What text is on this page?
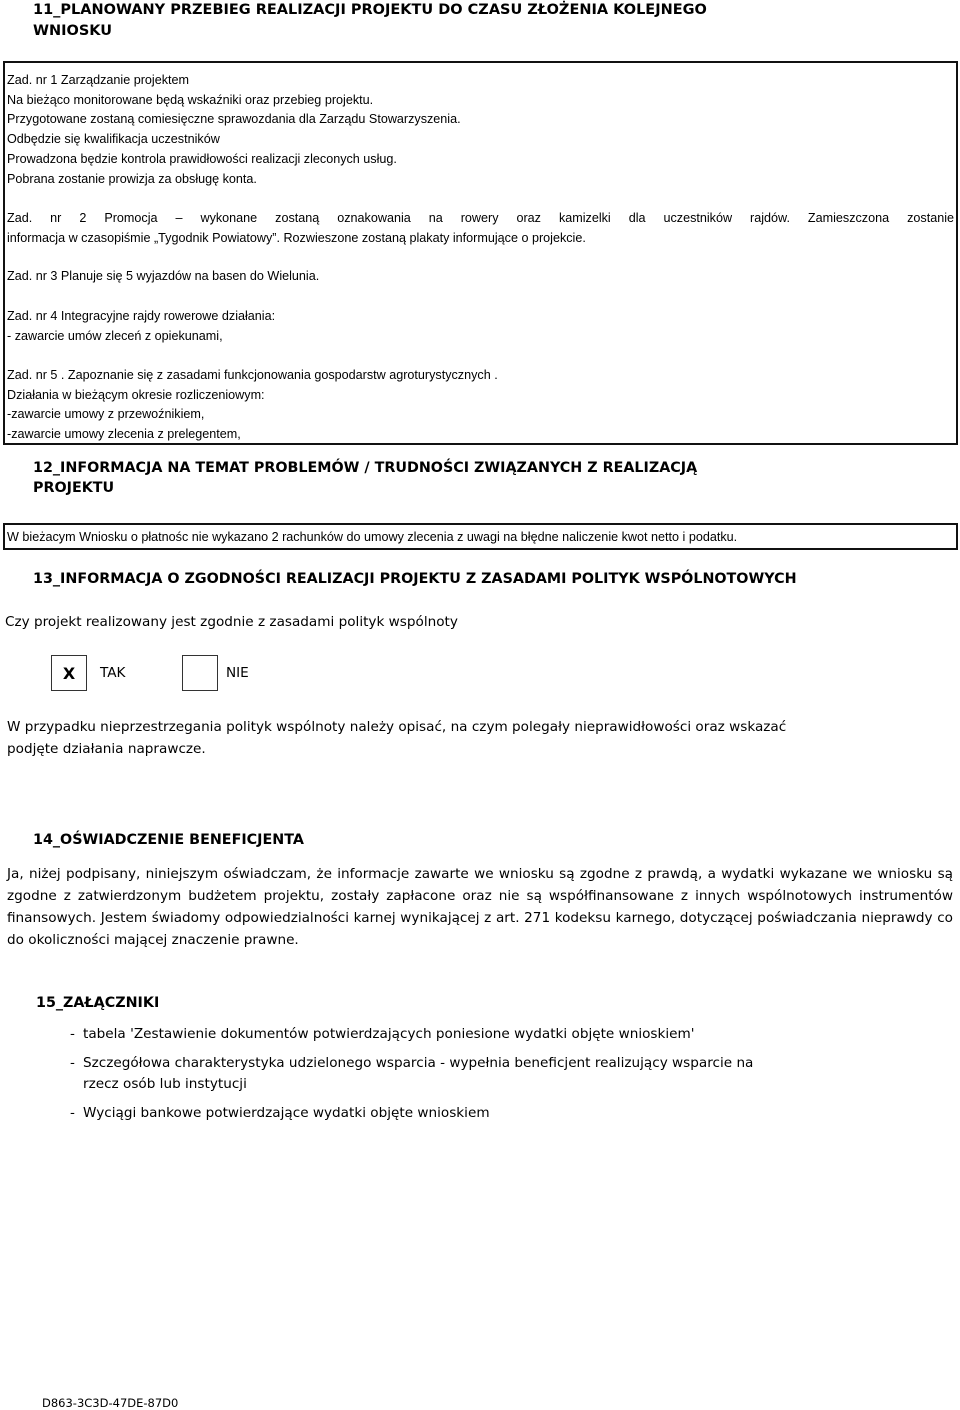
11_PLANOWANY PRZEBIEG REALIZACJI PROJEKTU DO CZASU ZŁOŻENIA KOLEJNEGO WNIOSKU
Zad. nr 1 Zarządzanie projektem
Na bieżąco monitorowane będą wskaźniki oraz przebieg projektu.
Przygotowane zostaną comiesięczne sprawozdania dla Zarządu Stowarzyszenia.
Odbędzie się kwalifikacja uczestników
Prowadzona będzie kontrola prawidłowości realizacji zleconych usług.
Pobrana zostanie prowizja za obsługę konta.
Zad. nr 2 Promocja – wykonane zostaną oznakowania na rowery oraz kamizelki dla uczestników rajdów. Zamieszczona zostanie
informacja w czasopiśmie „Tygodnik Powiatowy”. Rozwieszone zostaną plakaty informujące o projekcie.
Zad. nr 3 Planuje się 5 wyjazdów na basen do Wielunia.
Zad. nr 4 Integracyjne rajdy rowerowe działania:
- zawarcie umów zleceń z opiekunami,
Zad. nr 5 . Zapoznanie się z zasadami funkcjonowania gospodarstw agroturystycznych .
Działania w bieżącym okresie rozliczeniowym:
-zawarcie umowy z przewoźnikiem,
-zawarcie umowy zlecenia z prelegentem,
12_INFORMACJA NA TEMAT PROBLEMÓW / TRUDNOŚCI ZWIĄZANYCH Z REALIZACJĄ PROJEKTU
W bieżacym Wniosku o płatnośc nie wykazano 2 rachunków do umowy zlecenia z uwagi na błędne naliczenie kwot netto i podatku.
13_INFORMACJA O ZGODNOŚCI REALIZACJI PROJEKTU Z ZASADAMI POLITYK WSPÓLNOTOWYCH
Czy projekt realizowany jest zgodnie z zasadami polityk wspólnoty
X	TAK	NIE
W przypadku nieprzestrzegania polityk wspólnoty należy opisać, na czym polegały nieprawidłowości oraz wskazać
podjęte działania naprawcze.
14_OŚWIADCZENIE BENEFICJENTA
Ja, niżej podpisany, niniejszym oświadczam, że informacje zawarte we wniosku są zgodne z prawdą, a wydatki wykazane we wniosku są zgodne z zatwierdzonym budżetem projektu, zostały zapłacone oraz nie są współfinansowane z innych wspólnotowych instrumentów finansowych. Jestem świadomy odpowiedzialności karnej wynikającej z art. 271 kodeksu karnego, dotyczącej poświadczania nieprawdy co do okoliczności mającej znaczenie prawne.
15_ZAŁĄCZNIKI
- tabela 'Zestawienie dokumentów potwierdzających poniesione wydatki objęte wnioskiem'
- Szczegółowa charakterystyka udzielonego wsparcia - wypełnia beneficjent realizujący wsparcie na
rzecz osób lub instytucji
- Wyciągi bankowe potwierdzające wydatki objęte wnioskiem
D863-3C3D-47DE-87D0
